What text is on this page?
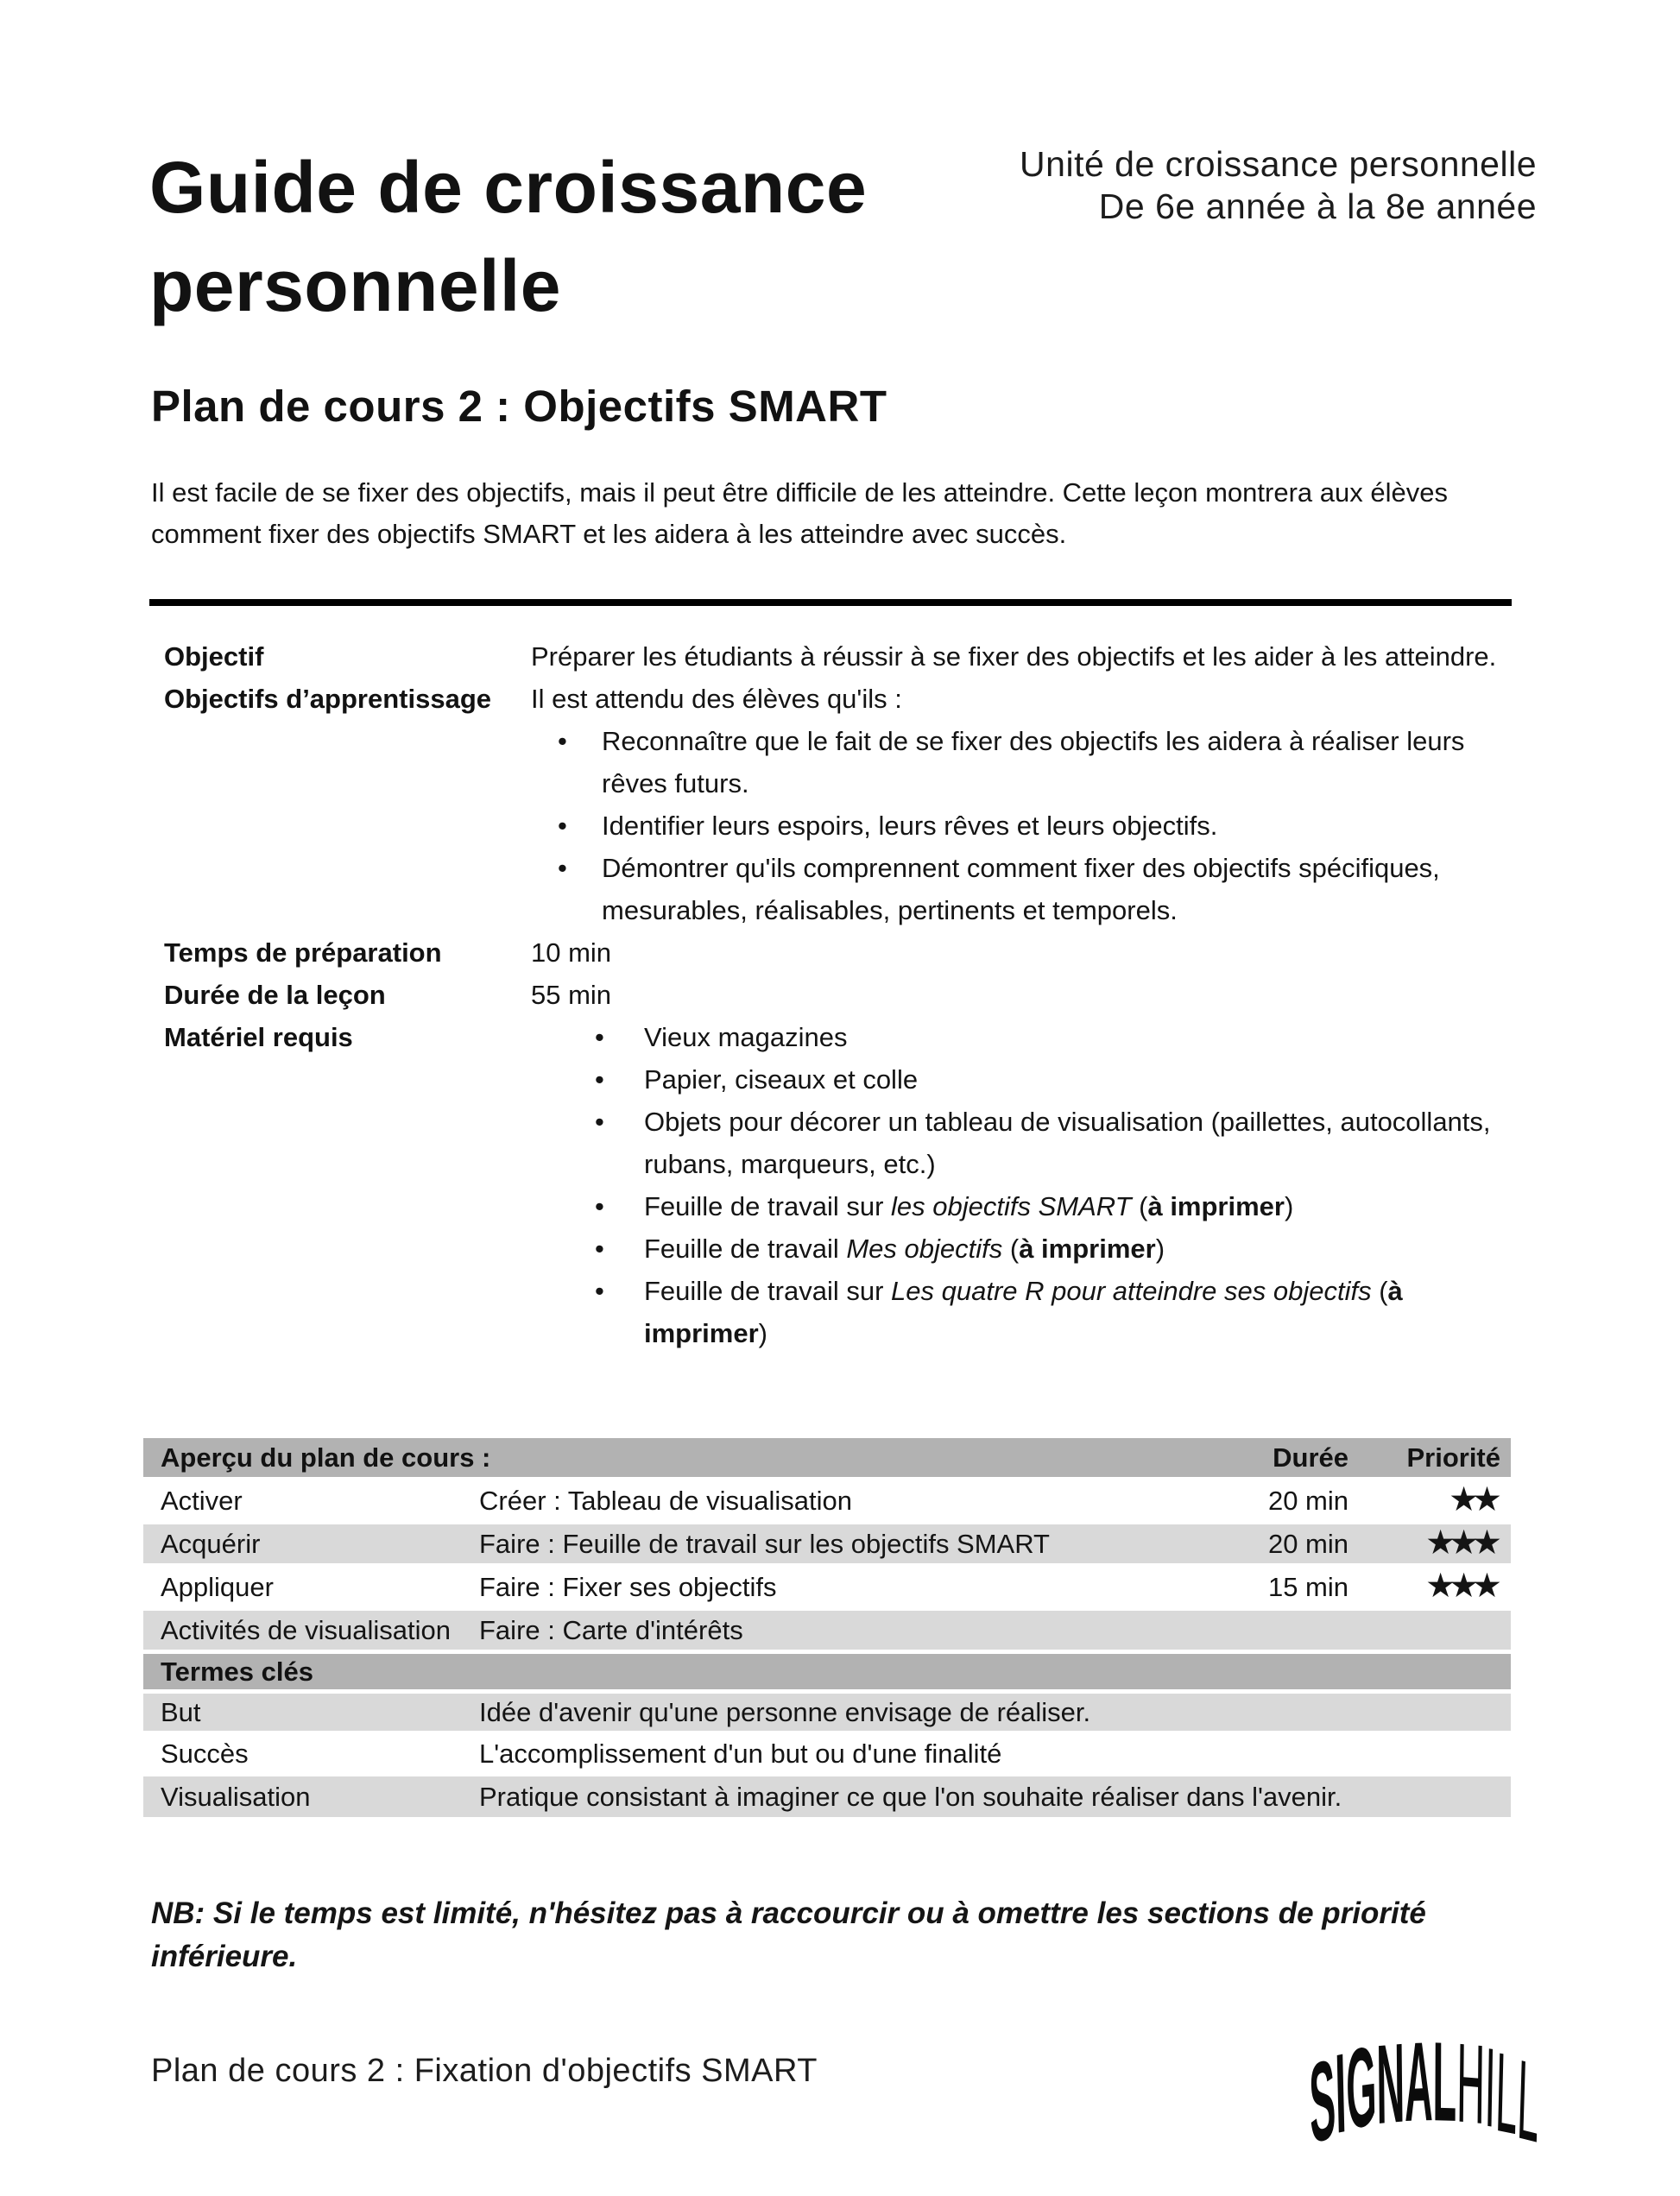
Guide de croissance personnelle
Unité de croissance personnelle
De 6e année à la 8e année
Plan de cours 2 : Objectifs SMART
Il est facile de se fixer des objectifs, mais il peut être difficile de les atteindre. Cette leçon montrera aux élèves comment fixer des objectifs SMART et les aidera à les atteindre avec succès.
Objectif	Préparer les étudiants à réussir à se fixer des objectifs et les aider à les atteindre.
Objectifs d’apprentissage	Il est attendu des élèves qu'ils :
• Reconnaître que le fait de se fixer des objectifs les aidera à réaliser leurs rêves futurs.
• Identifier leurs espoirs, leurs rêves et leurs objectifs.
• Démontrer qu'ils comprennent comment fixer des objectifs spécifiques, mesurables, réalisables, pertinents et temporels.
Temps de préparation	10 min
Durée de la leçon	55 min
Matériel requis	• Vieux magazines
• Papier, ciseaux et colle
• Objets pour décorer un tableau de visualisation (paillettes, autocollants, rubans, marqueurs, etc.)
• Feuille de travail sur les objectifs SMART (à imprimer)
• Feuille de travail Mes objectifs (à imprimer)
• Feuille de travail sur Les quatre R pour atteindre ses objectifs (à imprimer)
Aperçu du plan de cours :	Durée	Priorité
Activer	Créer : Tableau de visualisation	20 min	★★
Acquérir	Faire : Feuille de travail sur les objectifs SMART	20 min	★★★
Appliquer	Faire : Fixer ses objectifs	15 min	★★★
Activités de visualisation	Faire : Carte d'intérêts
Termes clés
But	Idée d'avenir qu'une personne envisage de réaliser.
Succès	L'accomplissement d'un but ou d'une finalité
Visualisation	Pratique consistant à imaginer ce que l'on souhaite réaliser dans l'avenir.
NB: Si le temps est limité, n'hésitez pas à raccourcir ou à omettre les sections de priorité inférieure.
Plan de cours 2 : Fixation d'objectifs SMART	SIGNALHILL
